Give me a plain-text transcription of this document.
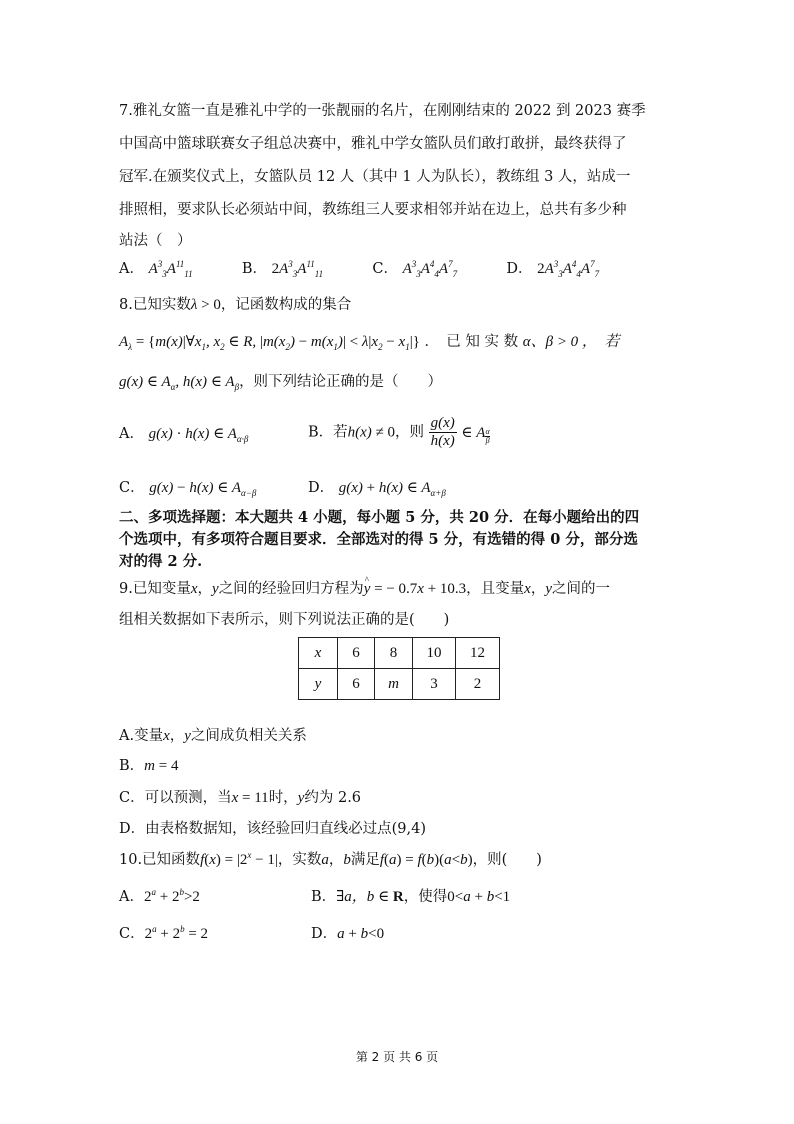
7.雅礼女篮一直是雅礼中学的一张靓丽的名片，在刚刚结束的 2022 到 2023 赛季
中国高中篮球联赛女子组总决赛中，雅礼中学女篮队员们敢打敢拼，最终获得了
冠军.在颁奖仪式上，女篮队员 12 人（其中 1 人为队长），教练组 3 人，站成一
排照相，要求队长必须站中间，教练组三人要求相邻并站在边上，总共有多少种
站法（　）
A． $A^3_3A^{11}_{11}$	B． $2A^3_3A^{11}_{11}$	C． $A^3_3A^4_4A^7_7$	D． $2A^3_3A^4_4A^7_7$
8.已知实数λ > 0，记函数构成的集合
$A_\lambda$ = {$m(x)|\forall x_1$, $x_2$ ∈ R, $|m(x_2) - m(x_1)| < \lambda|x_2 - x_1|$} ．　已 知 实 数 α、β > 0 ，　若
g(x) ∈ $A_\alpha$, h(x) ∈ $A_\beta$，则下列结论正确的是（　　）
A． g(x) · h(x) ∈ $A_{\alpha\cdot\beta}$	B．若h(x) ≠ 0，则 $\frac{g(x)}{h(x)}$ ∈ A $\frac{\alpha}{\beta}$
C． g(x) − h(x) ∈ $A_{\alpha-\beta}$	D． g(x) + h(x) ∈ $A_{\alpha+\beta}$
二、多项选择题：本大题共 4 小题，每小题 5 分，共 20 分．在每小题给出的四
个选项中，有多项符合题目要求．全部选对的得 5 分，有选错的得 0 分，部分选
对的得 2 分.
9.已知变量x，y之间的经验回归方程为^ y = − 0.7x + 10.3，且变量x，y之间的一
组相关数据如下表所示，则下列说法正确的是(　　)
x	6	8	10	12
y	6	m	3	2
A.变量x，y之间成负相关关系
B．m = 4
C．可以预测，当x = 11时，y约为 2.6
D．由表格数据知，该经验回归直线必过点(9,4)
10.已知函数$f(x) = |2^x - 1|$，实数a，b满足f(a) = f(b)(a<b)，则(　　)
A．$2^a + 2^b>2$	B．∃a，b ∈ R，使得0<a + b<1
C．$2^a + 2^b = 2$	D．a + b<0
第 2 页 共 6 页
